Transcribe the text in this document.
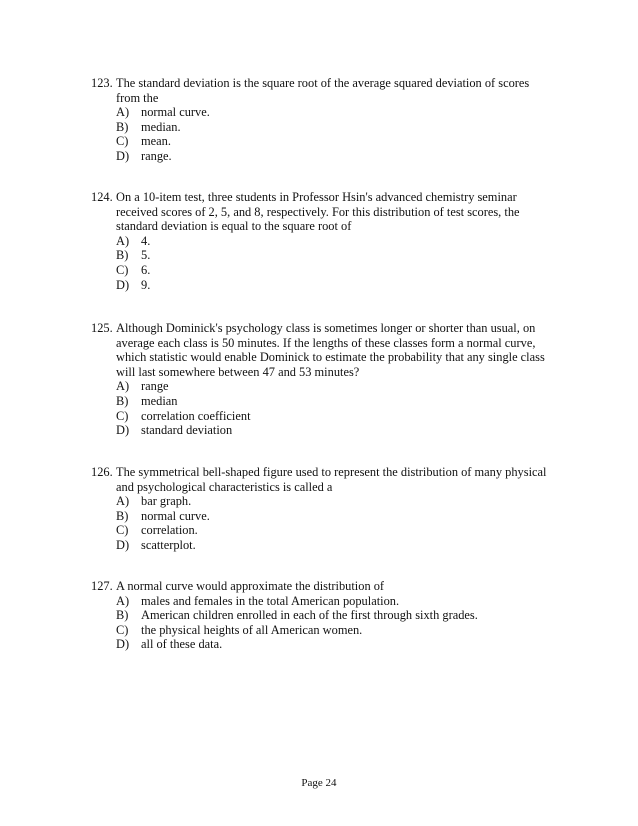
123. The standard deviation is the square root of the average squared deviation of scores from the
A) normal curve.
B)	median.
C)	mean.
D) range.
124. On a 10-item test, three students in Professor Hsin's advanced chemistry seminar received scores of 2, 5, and 8, respectively. For this distribution of test scores, the standard deviation is equal to the square root of
A) 4.
B)	5.
C)	6.
D) 9.
125. Although Dominick's psychology class is sometimes longer or shorter than usual, on average each class is 50 minutes. If the lengths of these classes form a normal curve, which statistic would enable Dominick to estimate the probability that any single class will last somewhere between 47 and 53 minutes?
A) range
B)	median
C)	correlation coefficient
D) standard deviation
126. The symmetrical bell-shaped figure used to represent the distribution of many physical and psychological characteristics is called a
A) bar graph.
B)	normal curve.
C)	correlation.
D) scatterplot.
127. A normal curve would approximate the distribution of
A) males and females in the total American population.
B)	American children enrolled in each of the first through sixth grades.
C)	the physical heights of all American women.
D) all of these data.
Page 24
